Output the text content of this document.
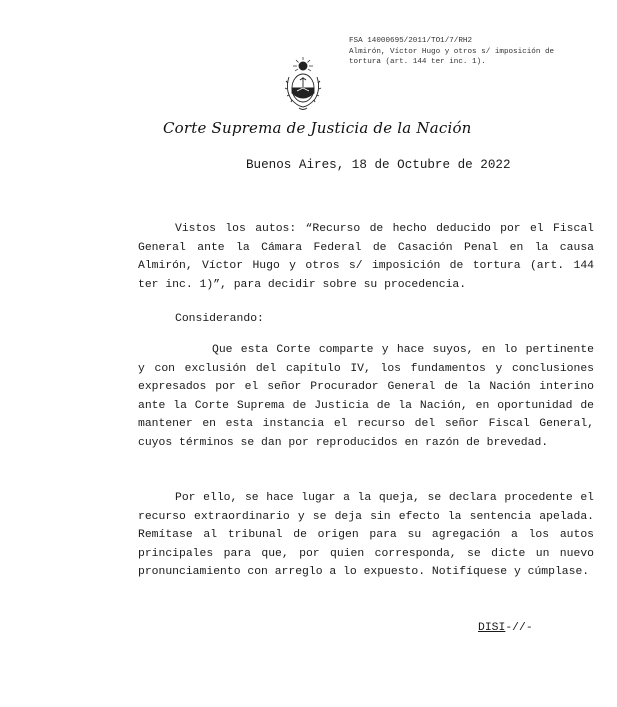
FSA 14000695/2011/TO1/7/RH2
Almirón, Víctor Hugo y otros s/ imposición de
tortura (art. 144 ter inc. 1).
Corte Suprema de Justicia de la Nación
Buenos Aires, 18 de Octubre de 2022

Vistos los autos: “Recurso de hecho deducido por el Fiscal General ante la Cámara Federal de Casación Penal en la causa Almirón, Víctor Hugo y otros s/ imposición de tortura (art. 144 ter inc. 1)”, para decidir sobre su procedencia.

Considerando:

Que esta Corte comparte y hace suyos, en lo pertinente y con exclusión del capítulo IV, los fundamentos y conclusiones expresados por el señor Procurador General de la Nación interino ante la Corte Suprema de Justicia de la Nación, en oportunidad de mantener en esta instancia el recurso del señor Fiscal General, cuyos términos se dan por reproducidos en razón de brevedad.

Por ello, se hace lugar a la queja, se declara procedente el recurso extraordinario y se deja sin efecto la sentencia apelada. Remítase al tribunal de origen para su agregación a los autos principales para que, por quien corresponda, se dicte un nuevo pronunciamiento con arreglo a lo expuesto. Notifíquese y cúmplase.

DISI-//-
